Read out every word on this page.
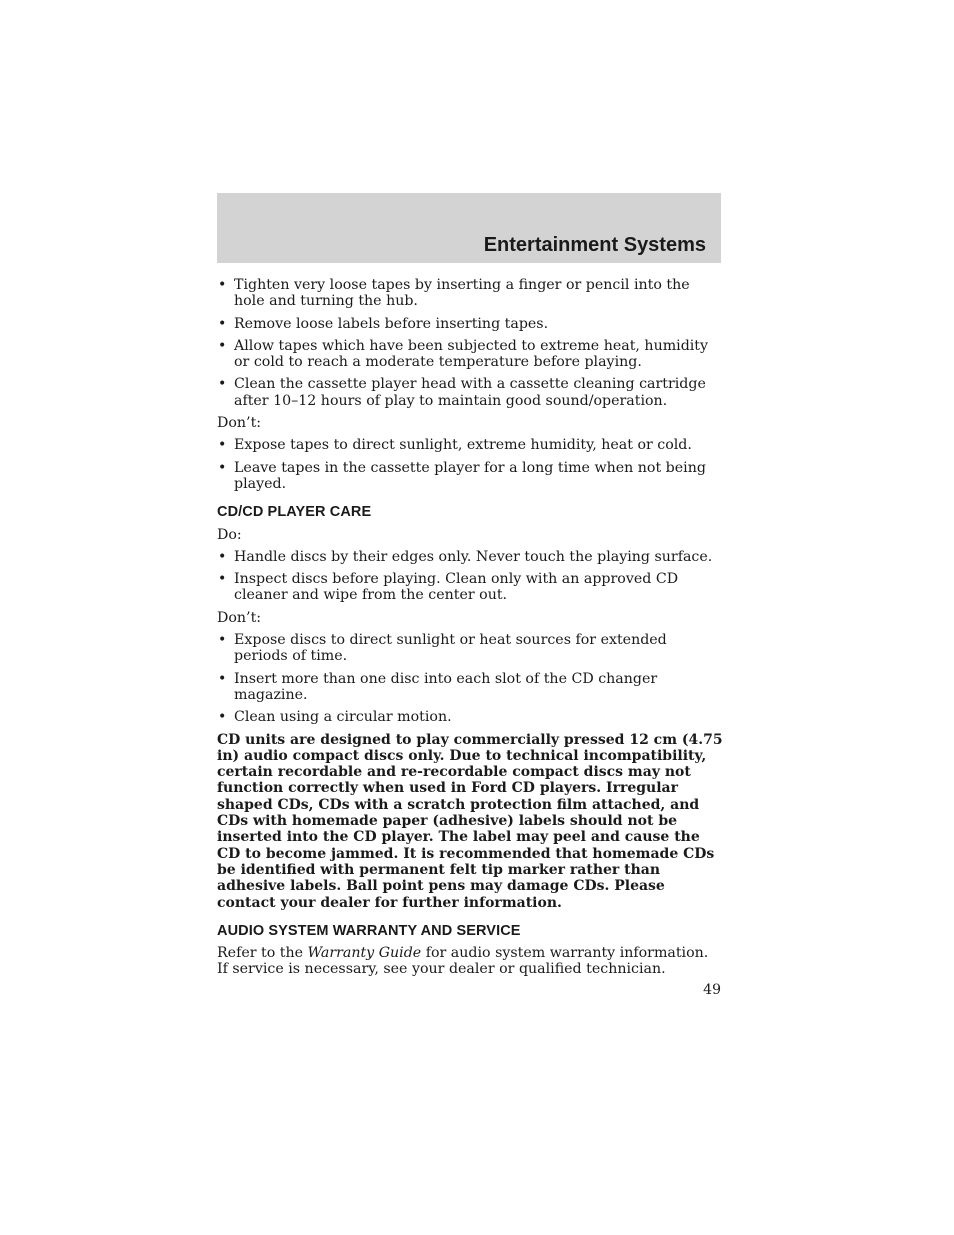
Entertainment Systems
• Tighten very loose tapes by inserting a finger or pencil into the hole and turning the hub.
• Remove loose labels before inserting tapes.
• Allow tapes which have been subjected to extreme heat, humidity or cold to reach a moderate temperature before playing.
• Clean the cassette player head with a cassette cleaning cartridge after 10–12 hours of play to maintain good sound/operation.

Don’t:

• Expose tapes to direct sunlight, extreme humidity, heat or cold.
• Leave tapes in the cassette player for a long time when not being played.
CD/CD PLAYER CARE

Do:

• Handle discs by their edges only. Never touch the playing surface.
• Inspect discs before playing. Clean only with an approved CD cleaner and wipe from the center out.

Don’t:

• Expose discs to direct sunlight or heat sources for extended periods of time.
• Insert more than one disc into each slot of the CD changer magazine.
• Clean using a circular motion.

CD units are designed to play commercially pressed 12 cm (4.75 in) audio compact discs only. Due to technical incompatibility, certain recordable and re-recordable compact discs may not function correctly when used in Ford CD players. Irregular shaped CDs, CDs with a scratch protection film attached, and CDs with homemade paper (adhesive) labels should not be inserted into the CD player. The label may peel and cause the CD to become jammed. It is recommended that homemade CDs be identified with permanent felt tip marker rather than adhesive labels. Ball point pens may damage CDs. Please contact your dealer for further information.

AUDIO SYSTEM WARRANTY AND SERVICE

Refer to the Warranty Guide for audio system warranty information. If service is necessary, see your dealer or qualified technician.

49
